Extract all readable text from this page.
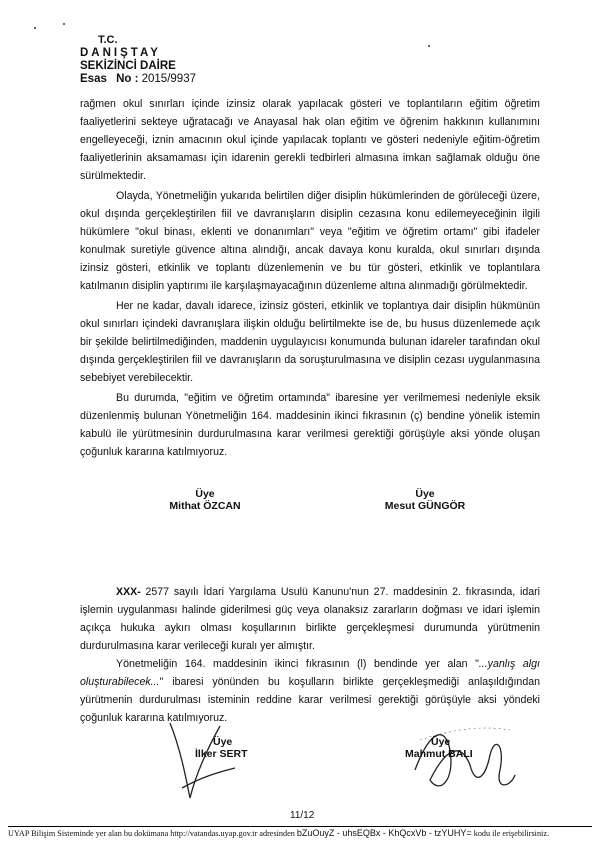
T.C.
DANIŞTAY
SEKİZİNCİ DAİRE
Esas No : 2015/9937

rağmen okul sınırları içinde izinsiz olarak yapılacak gösteri ve toplantıların eğitim öğretim faaliyetlerini sekteye uğratacağı ve Anayasal hak olan eğitim ve öğrenim hakkının kullanımını engelleyeceği, iznin amacının okul içinde yapılacak toplantı ve gösteri nedeniyle eğitim-öğretim faaliyetlerinin aksamaması için idarenin gerekli tedbirleri almasına imkan sağlamak olduğu öne sürülmektedir.

Olayda, Yönetmeliğin yukarıda belirtilen diğer disiplin hükümlerinden de görüleceği üzere, okul dışında gerçekleştirilen fiil ve davranışların disiplin cezasına konu edilemeyeceğinin ilgili hükümlere "okul binası, eklenti ve donanımları" veya "eğitim ve öğretim ortamı" gibi ifadeler konulmak suretiyle güvence altına alındığı, ancak davaya konu kuralda, okul sınırları dışında izinsiz gösteri, etkinlik ve toplantı düzenlemenin ve bu tür gösteri, etkinlik ve toplantılara katılmanın disiplin yaptırımı ile karşılaşmayacağının düzenleme altına alınmadığı görülmektedir.

Her ne kadar, davalı idarece, izinsiz gösteri, etkinlik ve toplantıya dair disiplin hükmünün okul sınırları içindeki davranışlara ilişkin olduğu belirtilmekte ise de, bu husus düzenlemede açık bir şekilde belirtilmediğinden, maddenin uygulayıcısı konumunda bulunan idareler tarafından okul dışında gerçekleştirilen fiil ve davranışların da soruşturulmasına ve disiplin cezası uygulanmasına sebebiyet verebilecektir.

Bu durumda, "eğitim ve öğretim ortamında" ibaresine yer verilmemesi nedeniyle eksik düzenlenmiş bulunan Yönetmeliğin 164. maddesinin ikinci fıkrasının (ç) bendine yönelik istemin kabulü ile yürütmesinin durdurulmasına karar verilmesi gerektiği görüşüyle aksi yönde oluşan çoğunluk kararına katılmıyoruz.

Üye
Mithat ÖZCAN
Üye
Mesut GÜNGÖR

XXX- 2577 sayılı İdari Yargılama Usulü Kanunu'nun 27. maddesinin 2. fıkrasında, idari işlemin uygulanması halinde giderilmesi güç veya olanaksız zararların doğması ve idari işlemin açıkça hukuka aykırı olması koşullarının birlikte gerçekleşmesi durumunda yürütmenin durdurulmasına karar verileceği kuralı yer almıştır.

Yönetmeliğin 164. maddesinin ikinci fıkrasının (l) bendinde yer alan "...yanlış algı oluşturabilecek..." ibaresi yönünden bu koşulların birlikte gerçekleşmediği anlaşıldığından yürütmenin durdurulması isteminin reddine karar verilmesi gerektiği görüşüyle aksi yöndeki çoğunluk kararına katılmıyoruz.

Üye
İlker SERT
Üye
Mahmut BALI
11/12
UYAP Bilişim Sisteminde yer alan bu dokümana http://vatandas.uyap.gov.tr adresinden bZuOuyZ - uhsEQBx - KhQcxVb - tzYUHY= kodu ile erişebilirsiniz.
